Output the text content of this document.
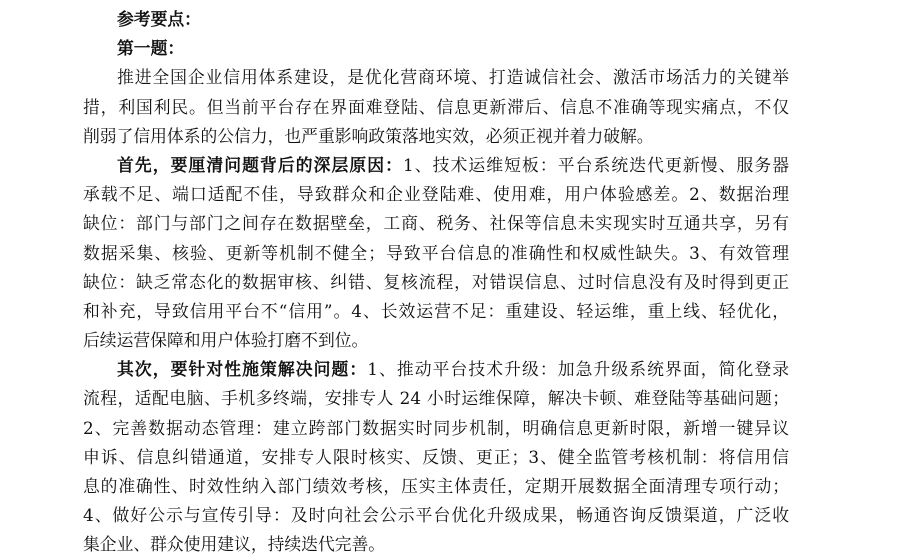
参考要点：

第一题：

推进全国企业信用体系建设，是优化营商环境、打造诚信社会、激活市场活力的关键举

措，利国利民。但当前平台存在界面难登陆、信息更新滞后、信息不准确等现实痛点，不仅

削弱了信用体系的公信力，也严重影响政策落地实效，必须正视并着力破解。

首先，要厘清问题背后的深层原因：1、技术运维短板：平台系统迭代更新慢、服务器

承载不足、端口适配不佳，导致群众和企业登陆难、使用难，用户体验感差。2、数据治理

缺位：部门与部门之间存在数据壁垒，工商、税务、社保等信息未实现实时互通共享，另有

数据采集、核验、更新等机制不健全；导致平台信息的准确性和权威性缺失。3、有效管理

缺位：缺乏常态化的数据审核、纠错、复核流程，对错误信息、过时信息没有及时得到更正

和补充，导致信用平台不“信用”。4、长效运营不足：重建设、轻运维，重上线、轻优化，

后续运营保障和用户体验打磨不到位。

其次，要针对性施策解决问题：1、推动平台技术升级：加急升级系统界面，简化登录

流程，适配电脑、手机多终端，安排专人 24 小时运维保障，解决卡顿、难登陆等基础问题；

2、完善数据动态管理：建立跨部门数据实时同步机制，明确信息更新时限，新增一键异议

申诉、信息纠错通道，安排专人限时核实、反馈、更正；3、健全监管考核机制：将信用信

息的准确性、时效性纳入部门绩效考核，压实主体责任，定期开展数据全面清理专项行动；

4、做好公示与宣传引导：及时向社会公示平台优化升级成果，畅通咨询反馈渠道，广泛收

集企业、群众使用建议，持续迭代完善。
